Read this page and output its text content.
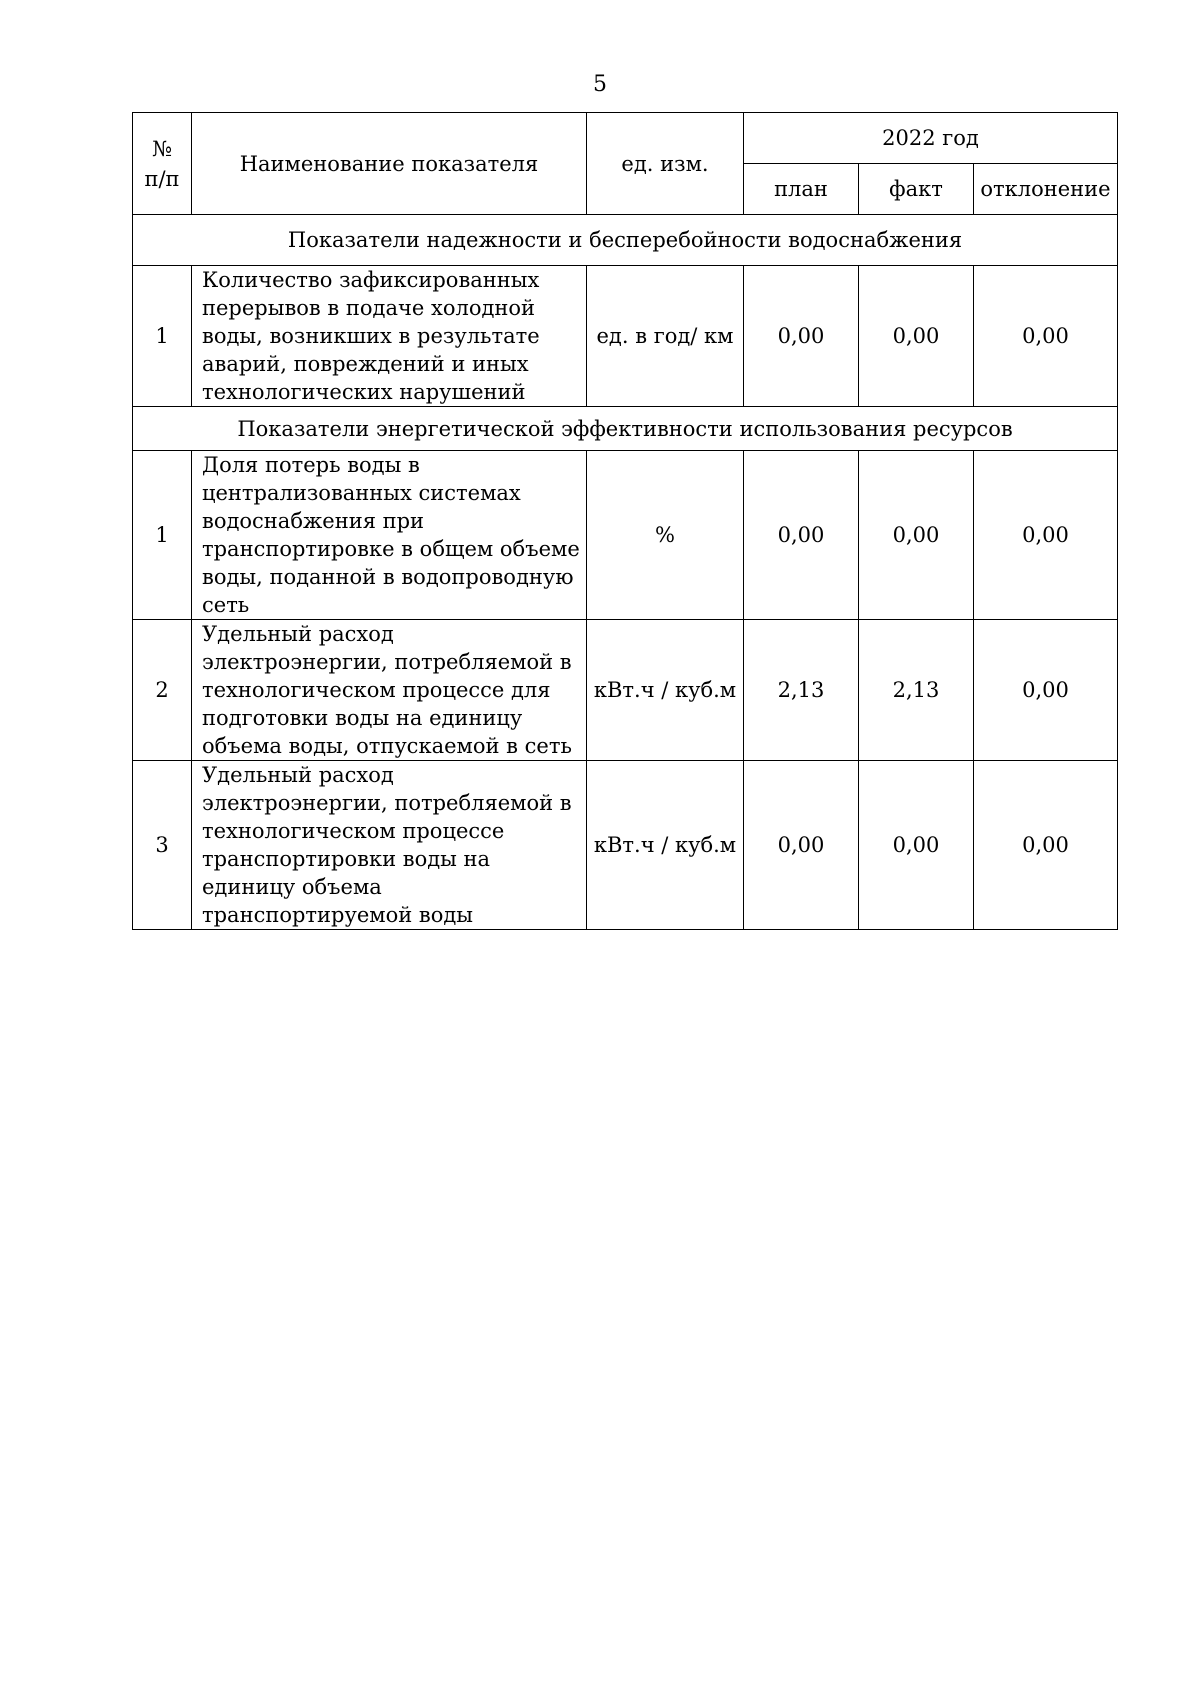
5
№
п/п	Наименование показателя	ед. изм.	2022 год		
			план	факт	отклонение
Показатели надежности и бесперебойности водоснабжения					
1	Количество зафиксированных перерывов в подаче холодной воды, возникших в результате аварий, повреждений и иных технологических нарушений	ед. в год/ км	0,00	0,00	0,00
Показатели энергетической эффективности использования ресурсов					
1	Доля потерь воды в централизованных системах водоснабжения при транспортировке в общем объеме воды, поданной в водопроводную сеть	%	0,00	0,00	0,00
2	Удельный расход электроэнергии, потребляемой в технологическом процессе для подготовки воды на единицу объема воды, отпускаемой в сеть	кВт.ч / куб.м	2,13	2,13	0,00
3	Удельный расход электроэнергии, потребляемой в технологическом процессе транспортировки воды на единицу объема транспортируемой воды	кВт.ч / куб.м	0,00	0,00	0,00
